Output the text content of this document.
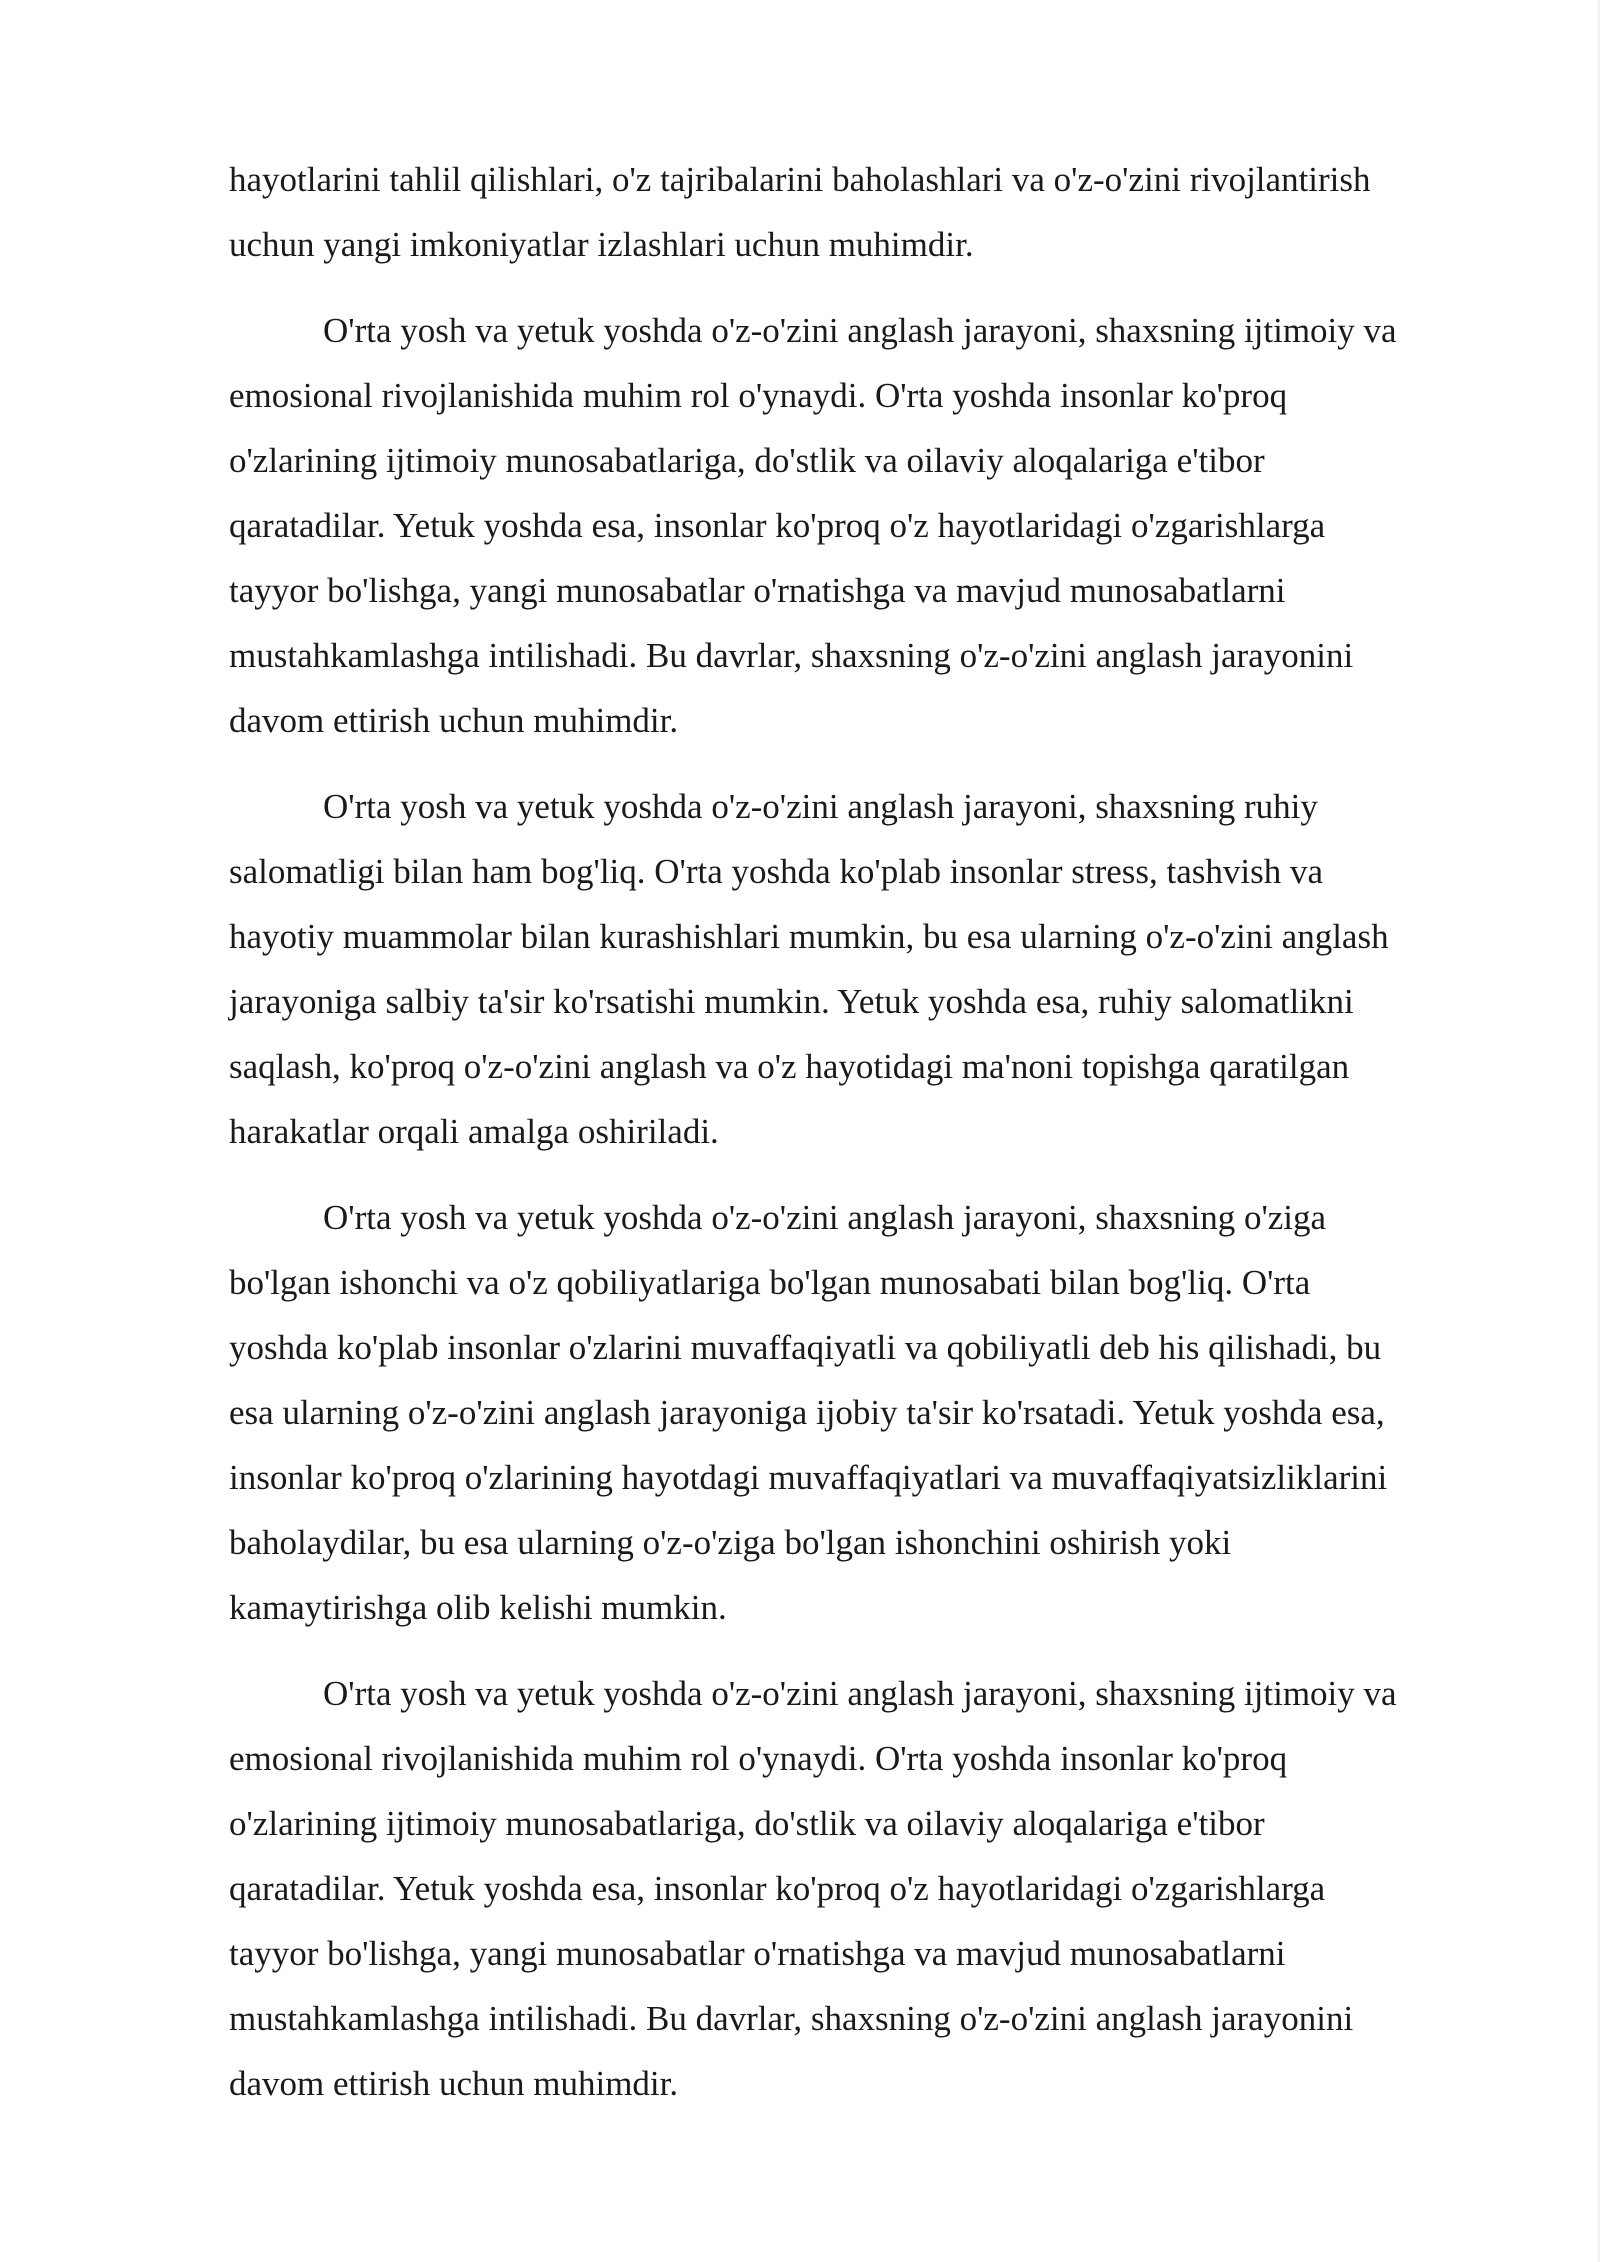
hayotlarini tahlil qilishlari, o'z tajribalarini baholashlari va o'z-o'zini rivojlantirish
uchun yangi imkoniyatlar izlashlari uchun muhimdir.

O'rta yosh va yetuk yoshda o'z-o'zini anglash jarayoni, shaxsning ijtimoiy va
emosional rivojlanishida muhim rol o'ynaydi. O'rta yoshda insonlar ko'proq
o'zlarining ijtimoiy munosabatlariga, do'stlik va oilaviy aloqalariga e'tibor
qaratadilar. Yetuk yoshda esa, insonlar ko'proq o'z hayotlaridagi o'zgarishlarga
tayyor bo'lishga, yangi munosabatlar o'rnatishga va mavjud munosabatlarni
mustahkamlashga intilishadi. Bu davrlar, shaxsning o'z-o'zini anglash jarayonini
davom ettirish uchun muhimdir.

O'rta yosh va yetuk yoshda o'z-o'zini anglash jarayoni, shaxsning ruhiy
salomatligi bilan ham bog'liq. O'rta yoshda ko'plab insonlar stress, tashvish va
hayotiy muammolar bilan kurashishlari mumkin, bu esa ularning o'z-o'zini anglash
jarayoniga salbiy ta'sir ko'rsatishi mumkin. Yetuk yoshda esa, ruhiy salomatlikni
saqlash, ko'proq o'z-o'zini anglash va o'z hayotidagi ma'noni topishga qaratilgan
harakatlar orqali amalga oshiriladi.

O'rta yosh va yetuk yoshda o'z-o'zini anglash jarayoni, shaxsning o'ziga
bo'lgan ishonchi va o'z qobiliyatlariga bo'lgan munosabati bilan bog'liq. O'rta
yoshda ko'plab insonlar o'zlarini muvaffaqiyatli va qobiliyatli deb his qilishadi, bu
esa ularning o'z-o'zini anglash jarayoniga ijobiy ta'sir ko'rsatadi. Yetuk yoshda esa,
insonlar ko'proq o'zlarining hayotdagi muvaffaqiyatlari va muvaffaqiyatsizliklarini
baholaydilar, bu esa ularning o'z-o'ziga bo'lgan ishonchini oshirish yoki
kamaytirishga olib kelishi mumkin.

O'rta yosh va yetuk yoshda o'z-o'zini anglash jarayoni, shaxsning ijtimoiy va
emosional rivojlanishida muhim rol o'ynaydi. O'rta yoshda insonlar ko'proq
o'zlarining ijtimoiy munosabatlariga, do'stlik va oilaviy aloqalariga e'tibor
qaratadilar. Yetuk yoshda esa, insonlar ko'proq o'z hayotlaridagi o'zgarishlarga
tayyor bo'lishga, yangi munosabatlar o'rnatishga va mavjud munosabatlarni
mustahkamlashga intilishadi. Bu davrlar, shaxsning o'z-o'zini anglash jarayonini
davom ettirish uchun muhimdir.
